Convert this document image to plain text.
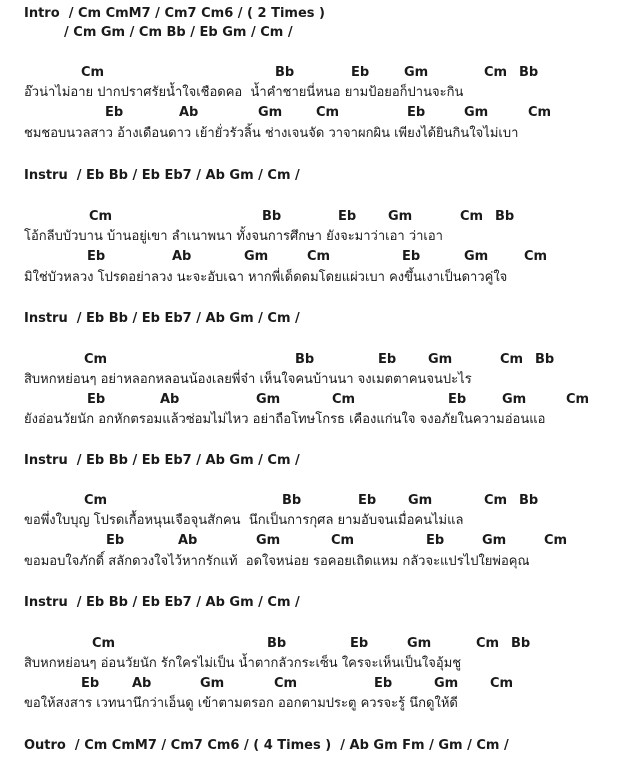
Intro  / Cm CmM7 / Cm7 Cm6 / ( 2 Times )
/ Cm Gm / Cm Bb / Eb Gm / Cm /
Cm	Bb	Eb	Gm	Cm Bb
อ๊วน่าไม่อาย ปากปราศรัยน้ำใจเชือดคอ  น้ำคำชายนี่หนอ ยามป้อยอก็ปานจะกิน
Eb	Ab	Gm	Cm	Eb	Gm	Cm
ชมชอบนวลสาว อ้างเดือนดาว เย้ายั่วรัวลิ้น ช่างเจนจัด วาจาผกผิน เพียงได้ยินกินใจไม่เบา
Instru  / Eb Bb / Eb Eb7 / Ab Gm / Cm /
Cm	Bb	Eb Gm	Cm Bb
โอ้กลีบบัวบาน บ้านอยู่เขา ลำเนาพนา ทั้งจนการศึกษา ยังจะมาว่าเอา ว่าเอา
Eb	Ab	Gm	Cm	Eb	Gm	Cm
มิใช่บัวหลวง โปรดอย่าลวง นะจะอับเฉา หากพี่เด็ดดมโดยแผ่วเบา คงขึ้นเงาเป็นดาวคู่ใจ
Instru  / Eb Bb / Eb Eb7 / Ab Gm / Cm /
Cm	Bb	Eb Gm	Cm Bb
สิบหกหย่อนๆ อย่าหลอกหลอนน้องเลยพี่จ๋า เห็นใจคนบ้านนา จงเมตตาคนจนปะไร
Eb	Ab	Gm	Cm	Eb	Gm	Cm
ยังอ่อนวัยนัก อกหักตรอมแล้วซ่อมไม่ไหว อย่าถือโทษโกรธ เคืองแก่นใจ จงอภัยในความอ่อนแอ
Instru  / Eb Bb / Eb Eb7 / Ab Gm / Cm /
Cm	Bb	Eb Gm	Cm Bb
ขอพึ่งใบบุญ โปรดเกื้อหนุนเจือจุนสักคน  นึกเป็นการกุศล ยามอับจนเมื่อคนไม่แล
Eb	Ab	Gm	Cm	Eb	Gm	Cm
ขอมอบใจภักดิ์ สลักดวงใจไว้หากรักแท้  อดใจหน่อย รอคอยเถิดแหม กลัวจะแปรไปใยพ่อคุณ
Instru  / Eb Bb / Eb Eb7 / Ab Gm / Cm /
Cm	Bb	Eb	Gm	Cm Bb
สิบหกหย่อนๆ อ่อนวัยนัก รักใครไม่เป็น น้ำตากลัวกระเซ็น ใครจะเห็นเป็นใจอุ้มชู
Eb	Ab	Gm	Cm	Eb	Gm Cm
ขอให้สงสาร เวทนานึกว่าเอ็นดู เข้าตามตรอก ออกตามประตู ควรจะรู้ นึกดูให้ดี
Outro  / Cm CmM7 / Cm7 Cm6 / ( 4 Times )  / Ab Gm Fm / Gm / Cm /
